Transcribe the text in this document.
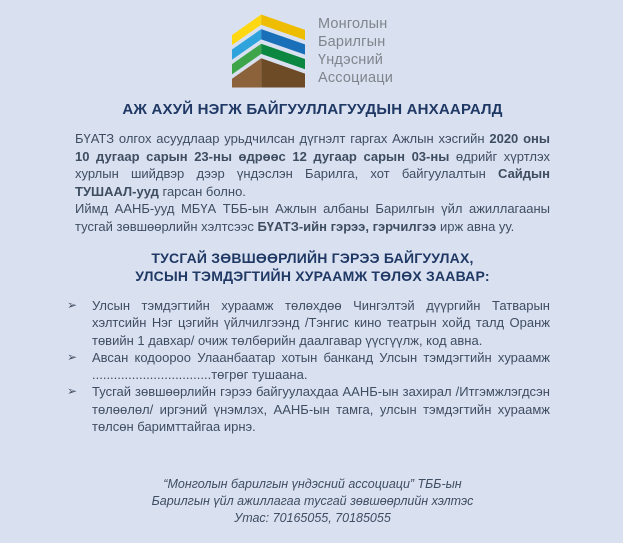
Монголын
Барилгын
Үндэсний
Ассоциаци
АЖ АХУЙ НЭГЖ БАЙГУУЛЛАГУУДЫН АНХААРАЛД

БҮАТЗ олгох асуудлаар урьдчилсан дүгнэлт гаргах Ажлын хэсгийн 2020 оны 10 дугаар сарын 23-ны өдрөөс 12 дугаар сарын 03-ны өдрийг хүртлэх хурлын шийдвэр дээр үндэслэн Барилга, хот байгуулалтын Сайдын ТУШААЛ-ууд гарсан болно.

Иймд ААНБ-ууд МБҮА ТББ-ын Ажлын албаны Барилгын үйл ажиллагааны тусгай зөвшөөрлийн хэлтсээс БҮАТЗ-ийн гэрээ, гэрчилгээ ирж авна уу.

ТУСГАЙ ЗӨВШӨӨРЛИЙН ГЭРЭЭ БАЙГУУЛАХ,
УЛСЫН ТЭМДЭГТИЙН ХУРААМЖ ТӨЛӨХ ЗААВАР:
➢ Улсын тэмдэгтийн хураамж төлөхдөө Чингэлтэй дүүргийн Татварын хэлтсийн Нэг цэгийн үйлчилгээнд /Тэнгис кино театрын хойд талд Оранж төвийн 1 давхар/ очиж төлбөрийн даалгавар үүсгүүлж, код авна.
➢ Авсан кодоороо Улаанбаатар хотын банканд Улсын тэмдэгтийн хураамж .................................төгрөг тушаана.
➢ Тусгай зөвшөөрлийн гэрээ байгуулахдаа ААНБ-ын захирал /Итгэмжлэгдсэн төлөөлөл/ иргэний үнэмлэх, ААНБ-ын тамга, улсын тэмдэгтийн хураамж төлсөн баримттайгаа ирнэ.
“Монголын барилгын үндэсний ассоциаци” ТББ-ын
Барилгын үйл ажиллагаа тусгай зөвшөөрлийн хэлтэс
Утас: 70165055, 70185055
